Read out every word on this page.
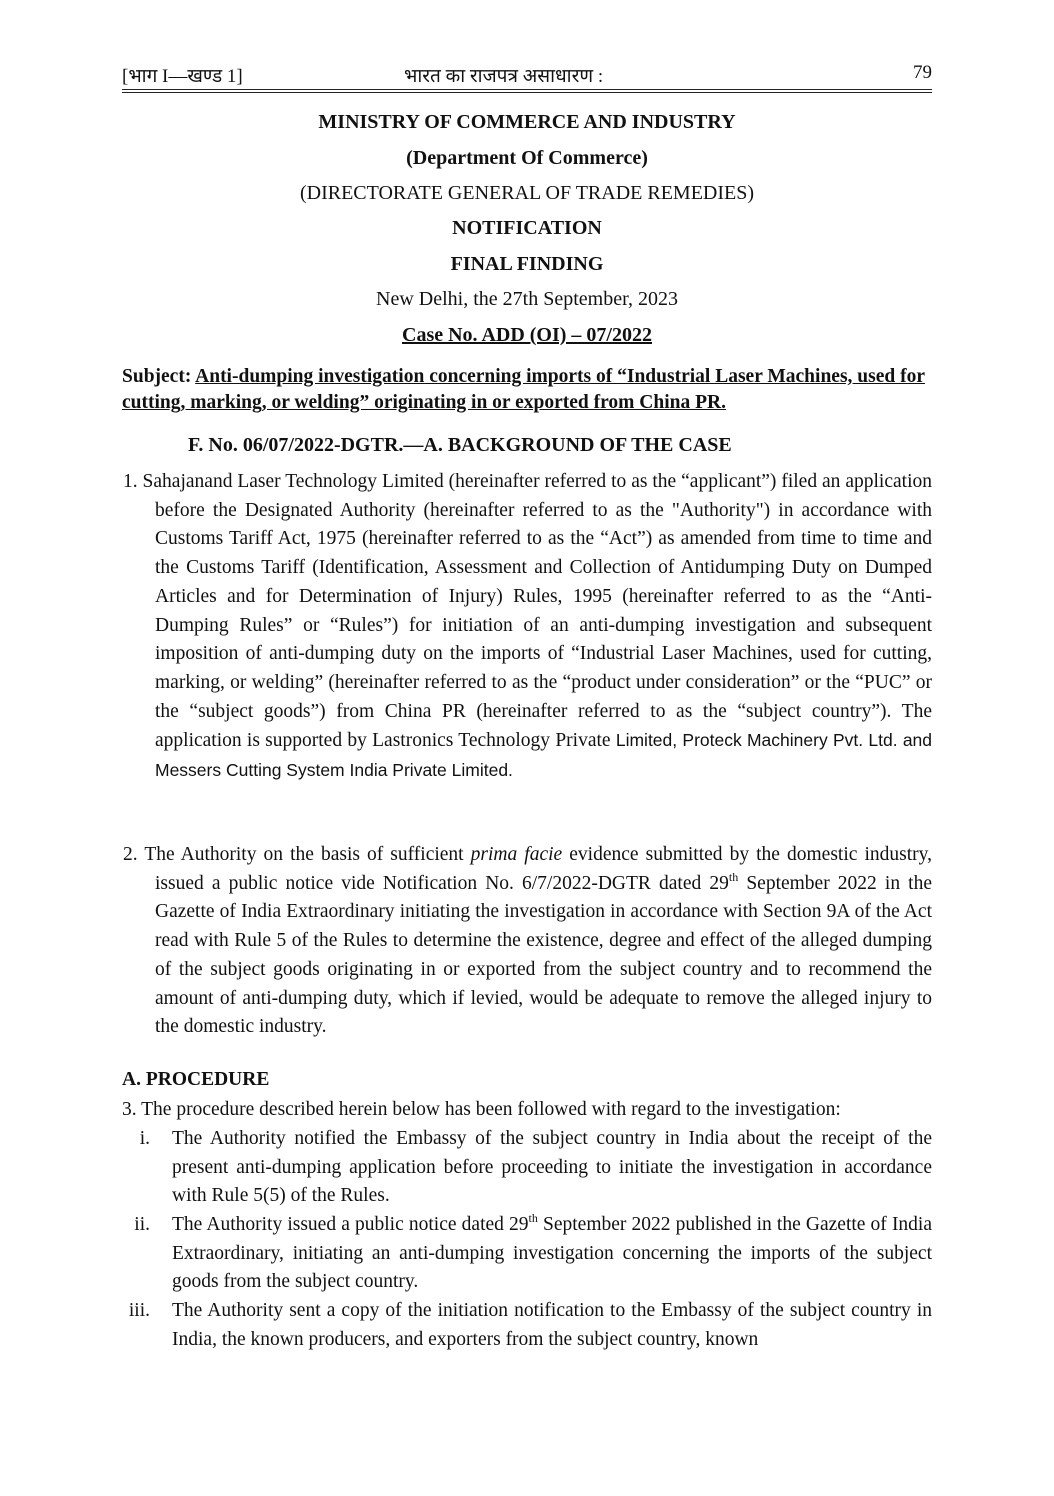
[भाग I—खण्ड 1]	भारत का राजपत्र असाधारण :	79
MINISTRY OF COMMERCE AND INDUSTRY
(Department Of Commerce)
(DIRECTORATE GENERAL OF TRADE REMEDIES)
NOTIFICATION
FINAL FINDING
New Delhi, the 27th September, 2023
Case No. ADD (OI) – 07/2022
Subject: Anti-dumping investigation concerning imports of “Industrial Laser Machines, used for cutting, marking, or welding” originating in or exported from China PR.
F. No. 06/07/2022-DGTR.—A. BACKGROUND OF THE CASE
1. Sahajanand Laser Technology Limited (hereinafter referred to as the “applicant”) filed an application before the Designated Authority (hereinafter referred to as the "Authority") in accordance with Customs Tariff Act, 1975 (hereinafter referred to as the “Act”) as amended from time to time and the Customs Tariff (Identification, Assessment and Collection of Antidumping Duty on Dumped Articles and for Determination of Injury) Rules, 1995 (hereinafter referred to as the “Anti-Dumping Rules” or “Rules”) for initiation of an anti-dumping investigation and subsequent imposition of anti-dumping duty on the imports of “Industrial Laser Machines, used for cutting, marking, or welding” (hereinafter referred to as the “product under consideration” or the “PUC” or the “subject goods”) from China PR (hereinafter referred to as the “subject country”). The application is supported by Lastronics Technology Private Limited, Proteck Machinery Pvt. Ltd. and Messers Cutting System India Private Limited.
2. The Authority on the basis of sufficient prima facie evidence submitted by the domestic industry, issued a public notice vide Notification No. 6/7/2022-DGTR dated 29th September 2022 in the Gazette of India Extraordinary initiating the investigation in accordance with Section 9A of the Act read with Rule 5 of the Rules to determine the existence, degree and effect of the alleged dumping of the subject goods originating in or exported from the subject country and to recommend the amount of anti-dumping duty, which if levied, would be adequate to remove the alleged injury to the domestic industry.
A. PROCEDURE
3. The procedure described herein below has been followed with regard to the investigation:
i. The Authority notified the Embassy of the subject country in India about the receipt of the present anti-dumping application before proceeding to initiate the investigation in accordance with Rule 5(5) of the Rules.
ii. The Authority issued a public notice dated 29th September 2022 published in the Gazette of India Extraordinary, initiating an anti-dumping investigation concerning the imports of the subject goods from the subject country.
iii. The Authority sent a copy of the initiation notification to the Embassy of the subject country in India, the known producers, and exporters from the subject country, known
